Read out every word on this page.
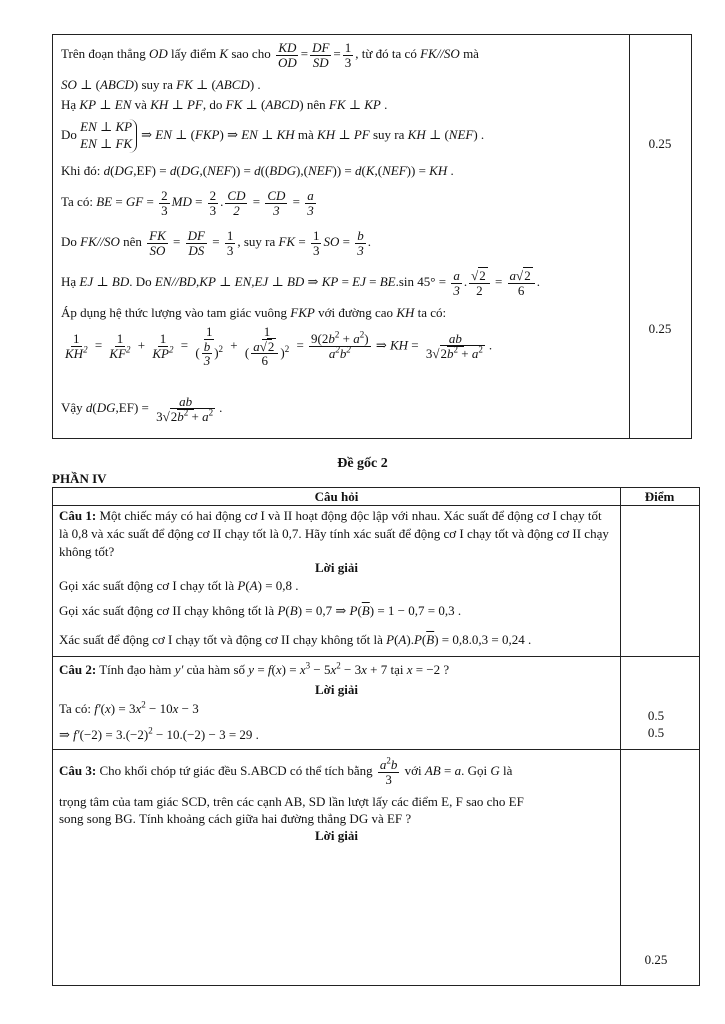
Trên đoạn thẳng OD lấy điểm K sao cho $\frac{KD}{OD} = \frac{DF}{SD} = \frac{1}{3}$ , từ đó ta có FK//SO mà
SO ⊥ (ABCD) suy ra FK ⊥ (ABCD) .
Hạ KP ⊥ EN và KH ⊥ PF, do FK ⊥ (ABCD) nên FK ⊥ KP .
Do
EN ⊥ KP
EN ⊥ FK
⇒ EN ⊥ (FKP) ⇒ EN ⊥ KH mà KH ⊥ PF suy ra KH ⊥ (NEF) .
Khi đó: d(DG,EF) = d(DG,(NEF)) = d((BDG),(NEF)) = d(K,(NEF)) = KH .
Ta có: BE = GF = $\frac{2}{3}$ MD = $\frac{2}{3}$ . $\frac{CD}{2} = \frac{CD}{3} = \frac{a}{3}$
Do FK//SO nên $\frac{FK}{SO} = \frac{DF}{DS} = \frac{1}{3}$ , suy ra FK = $\frac{1}{3}$ SO = $\frac{b}{3}$ .
Hạ EJ ⊥ BD. Do EN//BD,KP ⊥ EN,EJ ⊥ BD ⇒ KP = EJ = BE.sin $45^\circ = \frac{a}{3}$ . $\frac{√2}{2} = \frac{a√2}{6}$ .
Áp dụng hệ thức lượng vào tam giác vuông FKP với đường cao KH ta có:
$\frac{1}{KH^2} = \frac{1}{KF^2} + \frac{1}{KP^2} = \frac{1}{( \frac{b}{3} )^2} + \frac{1}{( \frac{a√2}{6} )^2} = \frac{9(2b^2 + a^2)}{a^2b^2}$ ⇒ KH = $\frac{ab}{3√2b^2 + a^2}$ .
Vậy $d(DG,EF) = \frac{ab}{3√2b^2 + a^2}$ .
0.25
0.25
Đề gốc 2
PHẦN IV
Câu hỏi	Điểm
Câu 1: Một chiếc máy có hai động cơ I và II hoạt động độc lập với nhau. Xác suất để động cơ I chạy tốt là 0,8 và xác suất để động cơ II chạy tốt là 0,7. Hãy tính xác suất để động cơ I chạy tốt và động cơ II chạy không tốt?
Lời giải
Gọi xác suất động cơ I chạy tốt là P(A) = 0,8 .
Gọi xác suất động cơ II chạy không tốt là P(B) = 0,7 ⇒ $P(\overline{B}) = 1 - 0,7 = 0,3$ .
Xác suất để động cơ I chạy tốt và động cơ II chạy không tốt là $P(A).P(\overline{B}) = 0,8.0,3 = 0,24$ .
Câu 2: Tính đạo hàm y′ của hàm số $y = f(x) = x^3 - 5x^2 - 3x + 7$ tại x = −2 ?
Lời giải
Ta có: $f'(x) = 3x^2 - 10x - 3$
⇒ $f'(-2) = 3.(-2)^2 - 10.(-2) - 3 = 29$ .
0.5
0.5
Câu 3: Cho khối chóp tứ giác đều S.ABCD có thể tích bằng $\frac{a^2b}{3}$ với AB = a. Gọi G là
trọng tâm của tam giác SCD, trên các cạnh AB, SD lần lượt lấy các điểm E, F sao cho EF
song song BG. Tính khoảng cách giữa hai đường thẳng DG và EF ?
Lời giải
0.25
